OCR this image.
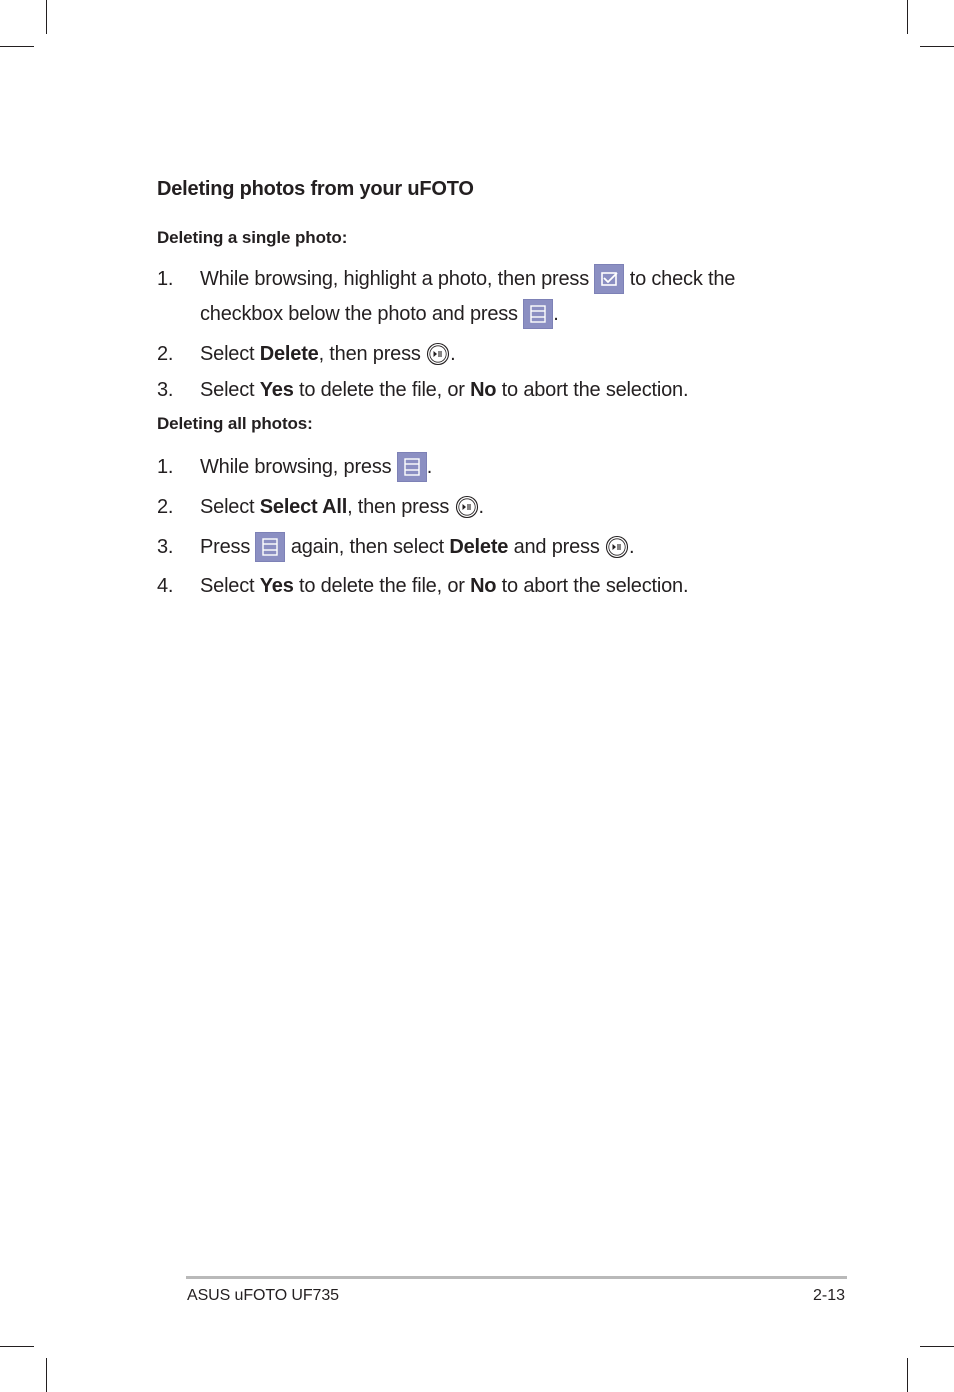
Deleting photos from your uFOTO
Deleting a single photo:
1. While browsing, highlight a photo, then press to check the
checkbox below the photo and press .
2. Select Delete, then press .
3. Select Yes to delete the file, or No to abort the selection.
Deleting all photos:
1. While browsing, press .
2. Select Select All, then press .
3. Press
again, then select Delete and press .
4. Select Yes to delete the file, or No to abort the selection.
ASUS uFOTO UF735	2-13
